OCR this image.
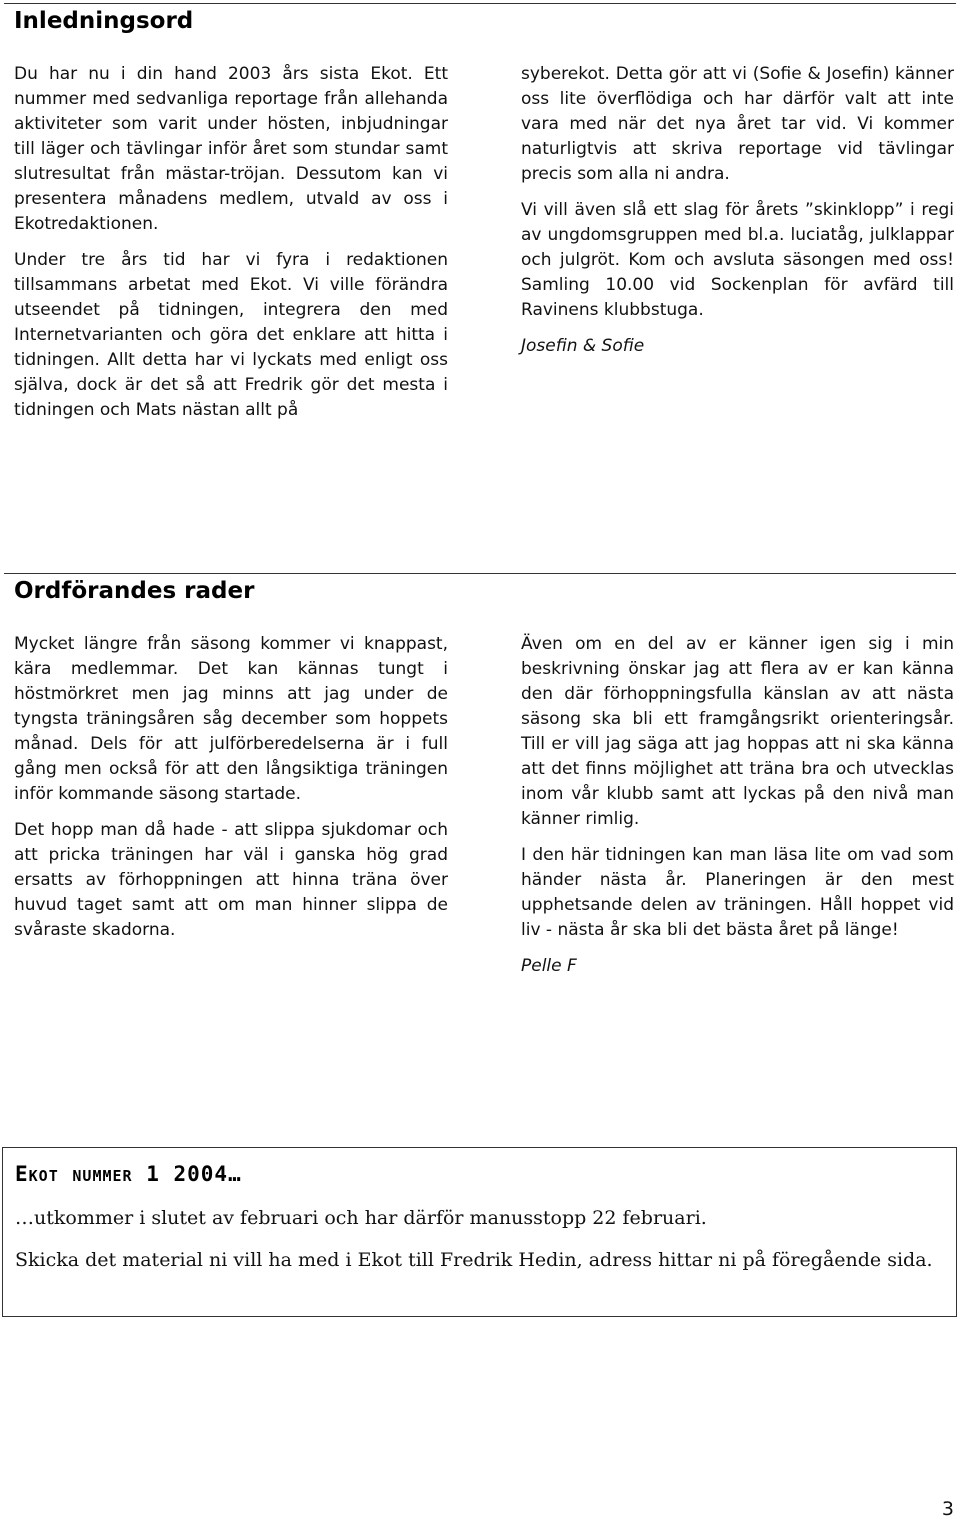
Inledningsord

Du har nu i din hand 2003 års sista Ekot. Ett nummer med sedvanliga reportage från allehanda aktiviteter som varit under hösten, inbjudningar till läger och tävlingar inför året som stundar samt slutresultat från mästar-tröjan. Dessutom kan vi presentera månadens medlem, utvald av oss i Ekotredaktionen.

Under tre års tid har vi fyra i redaktionen tillsammans arbetat med Ekot. Vi ville förändra utseendet på tidningen, integrera den med Internetvarianten och göra det enklare att hitta i tidningen. Allt detta har vi lyckats med enligt oss själva, dock är det så att Fredrik gör det mesta i tidningen och Mats nästan allt på

syberekot. Detta gör att vi (Sofie & Josefin) känner oss lite överflödiga och har därför valt att inte vara med när det nya året tar vid. Vi kommer naturligtvis att skriva reportage vid tävlingar precis som alla ni andra.

Vi vill även slå ett slag för årets ”skinklopp” i regi av ungdomsgruppen med bl.a. luciatåg, julklappar och julgröt. Kom och avsluta säsongen med oss! Samling 10.00 vid Sockenplan för avfärd till Ravinens klubbstuga.

Josefin & Sofie

Ordförandes rader

Mycket längre från säsong kommer vi knappast, kära medlemmar. Det kan kännas tungt i höstmörkret men jag minns att jag under de tyngsta träningsåren såg december som hoppets månad. Dels för att julförberedelserna är i full gång men också för att den långsiktiga träningen inför kommande säsong startade.

Det hopp man då hade - att slippa sjukdomar och att pricka träningen har väl i ganska hög grad ersatts av förhoppningen att hinna träna över huvud taget samt att om man hinner slippa de svåraste skadorna.

Även om en del av er känner igen sig i min beskrivning önskar jag att flera av er kan känna den där förhoppningsfulla känslan av att nästa säsong ska bli ett framgångsrikt orienteringsår. Till er vill jag säga att jag hoppas att ni ska känna att det finns möjlighet att träna bra och utvecklas inom vår klubb samt att lyckas på den nivå man känner rimlig.

I den här tidningen kan man läsa lite om vad som händer nästa år. Planeringen är den mest upphetsande delen av träningen. Håll hoppet vid liv - nästa år ska bli det bästa året på länge!

Pelle F

Ekot nummer 1 2004…
…utkommer i slutet av februari och har därför manusstopp 22 februari.
Skicka det material ni vill ha med i Ekot till Fredrik Hedin, adress hittar ni på föregående sida.
3
